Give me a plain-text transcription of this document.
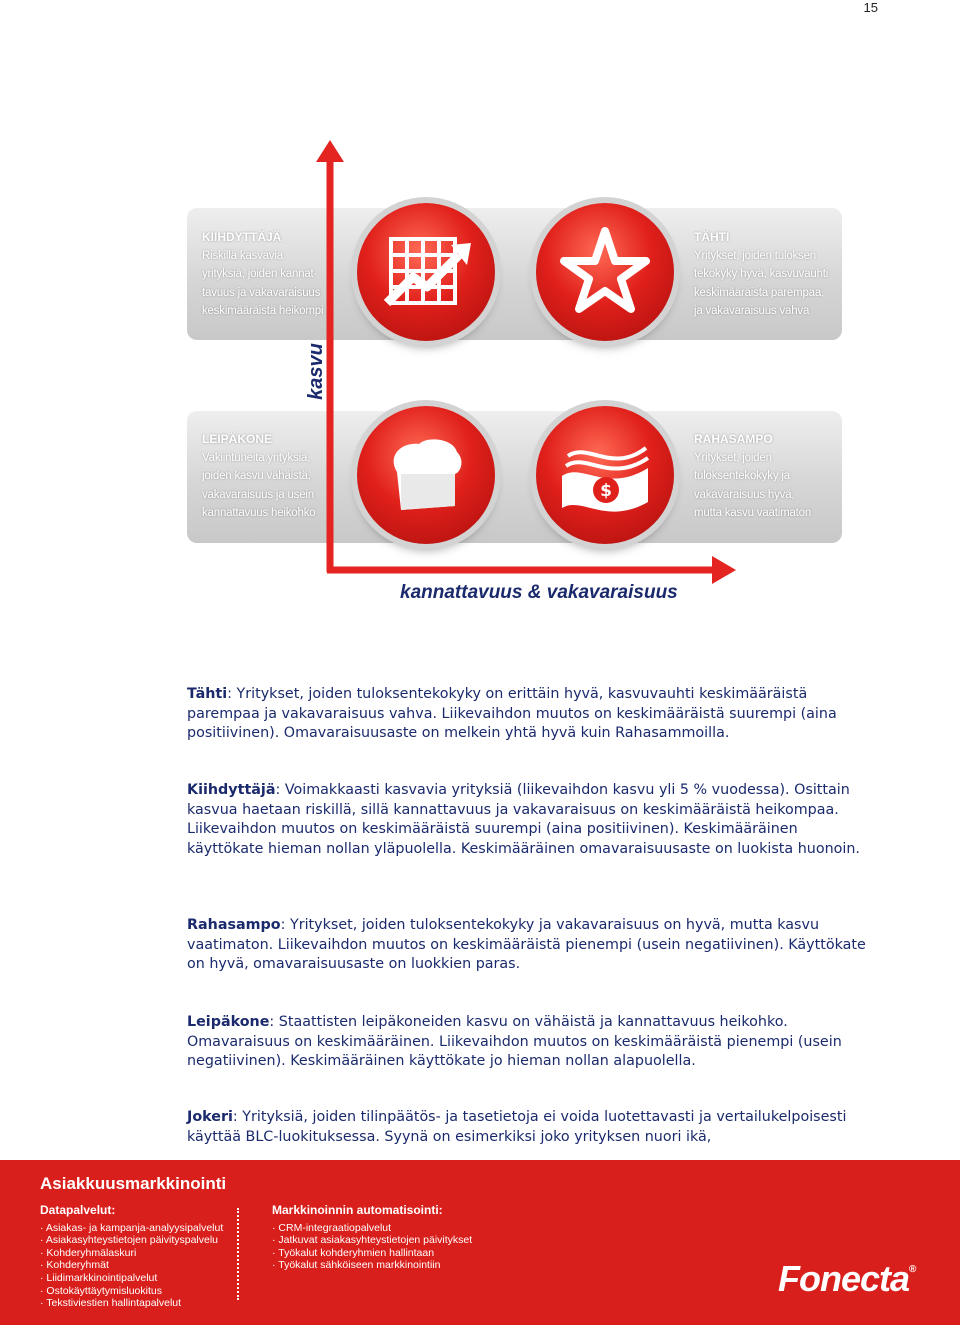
15
KIIHDYTTÄJÄ
Riskillä kasvavia
yrityksiä, joiden kannat-
tavuus ja vakavaraisuus
keskimääräistä heikompi
TÄHTI
Yritykset, joiden tuloksen
tekokyky hyvä, kasvuvauhti
keskimääräistä parempaa,
ja vakavaraisuus vahva
LEIPÄKONE
Vakiintuneita yrityksiä,
joiden kasvu vähäistä,
vakavaraisuus ja usein
kannattavuus heikohko
RAHASAMPO
Yritykset, joiden
tuloksentekokyky ja
vakavaraisuus hyvä,
mutta kasvu vaatimaton
$
kasvu
kannattavuus & vakavaraisuus
Tähti: Yritykset, joiden tuloksentekokyky on erittäin hyvä, kasvuvauhti keskimääräistä parempaa ja vakavaraisuus vahva. Liikevaihdon muutos on keskimääräistä suurempi (aina positiivinen). Omavaraisuusaste on melkein yhtä hyvä kuin Rahasammoilla.
Kiihdyttäjä: Voimakkaasti kasvavia yrityksiä (liikevaihdon kasvu yli 5 % vuodessa). Osittain kasvua haetaan riskillä, sillä kannattavuus ja vakavaraisuus on keskimääräistä heikompaa. Liikevaihdon muutos on keskimääräistä suurempi (aina positiivinen). Keskimääräinen käyttökate hieman nollan yläpuolella. Keskimääräinen omavaraisuusaste on luokista huonoin.
Rahasampo: Yritykset, joiden tuloksentekokyky ja vakavaraisuus on hyvä, mutta kasvu vaatimaton. Liikevaihdon muutos on keskimääräistä pienempi (usein negatiivinen). Käyttökate on hyvä, omavaraisuusaste on luokkien paras.
Leipäkone: Staattisten leipäkoneiden kasvu on vähäistä ja kannattavuus heikohko. Omavaraisuus on keskimääräinen. Liikevaihdon muutos on keskimääräistä pienempi (usein negatiivinen). Keskimääräinen käyttökate jo hieman nollan alapuolella.
Jokeri: Yrityksiä, joiden tilinpäätös- ja tasetietoja ei voida luotettavasti ja vertailukelpoisesti käyttää BLC-luokituksessa. Syynä on esimerkiksi joko yrityksen nuori ikä,
Asiakkuusmarkkinointi
Datapalvelut:
· Asiakas- ja kampanja-analyysipalvelut
· Asiakasyhteystietojen päivityspalvelu
· Kohderyhmälaskuri
· Kohderyhmät
· Liidimarkkinointipalvelut
· Ostokäyttäytymisluokitus
· Tekstiviestien hallintapalvelut
Markkinoinnin automatisointi:
· CRM-integraatiopalvelut
· Jatkuvat asiakasyhteystietojen päivitykset
· Työkalut kohderyhmien hallintaan
· Työkalut sähköiseen markkinointiin	Fonecta®
